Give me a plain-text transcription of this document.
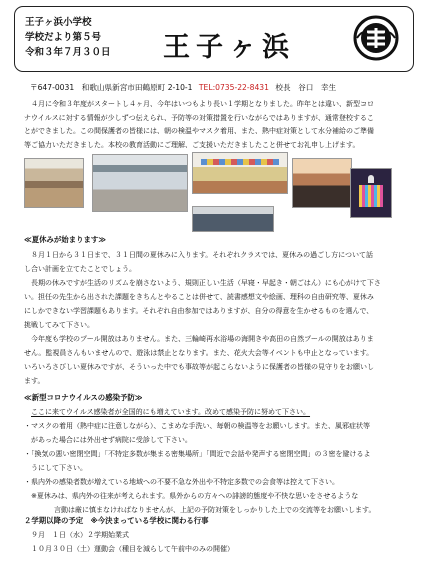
王子ヶ浜小学校
学校だより第５号
令和３年７月３０日 王子ヶ浜
〒647-0031　和歌山県新宮市田鶴原町 2-10-1 TEL:0735-22-8431 校長　谷口　幸生
４月に令和３年度がスタートし４ヶ月、今年はいつもより長い１学期となりました。昨年とは違い、新型コロ
ナウイルスに対する情報が少しずつ伝えられ、予防等の対策措置を行いながらではありますが、通常登校するこ
とができました。この間保護者の皆様には、朝の検温やマスク着用、また、熱中症対策として水分補給のご準備
等ご協力いただきました。本校の教育活動にご理解、ご支援いただきましたこと併せてお礼申し上げます。
≪夏休みが始まります≫
８月１日から３１日まで、３１日間の夏休みに入ります。それぞれクラスでは、夏休みの過ごし方について話
し合い計画を立てたことでしょう。
長期の休みですが生活のリズムを崩さないよう、規則正しい生活（早寝・早起き・朝ごはん）にも心がけて下さ
い。担任の先生から出された課題をきちんとやることは併せて、読書感想文や絵画、理科の自由研究等、夏休み
にしかできない学習課題もあります。それぞれ自由参加ではありますが、自分の得意を生かせるものを選んで、
挑戦してみて下さい。
今年度も学校のプール開放はありません。また、三輪崎再水浴場の海開きや高田の自然プールの開放はありま
せん。監視員さんもいませんので、遊泳は禁止となります。また、花火大会等イベントも中止となっています。
いろいろさびしい夏休みですが、そういった中でも事故等が起こらないように保護者の皆様の見守りをお願いし
ます。
≪新型コロナウイルスの感染予防≫
ここに来てウイルス感染者が全国的にも増えています。改めて感染予防に努めて下さい。
・マスクの着用（熱中症に注意しながら）、こまめな手洗い、毎朝の検温等をお願いします。また、風邪症状等
があった場合には外出せず病院に受診して下さい。
・「換気の悪い密閉空間」「不特定多数が集まる密集場所」「間近で会話や発声する密閉空間」の３密を避けるよ
うにして下さい。
・県内外の感染者数が増えている地域への不要不急な外出や不特定多数での会食等は控えて下さい。
※夏休みは、県内外の往来が考えられます。県外からの方々への誹謗的態度や不快な思いをさせるような
言動は厳に慎まなければなりませんが、上記の予防対策をしっかりした上での交流等をお願いします。
２学期以降の予定　※今決まっている学校に関わる行事
９月　１日（水）２学期始業式
１０月３０日（土）運動会（種目を減らして午前中のみの開催）
